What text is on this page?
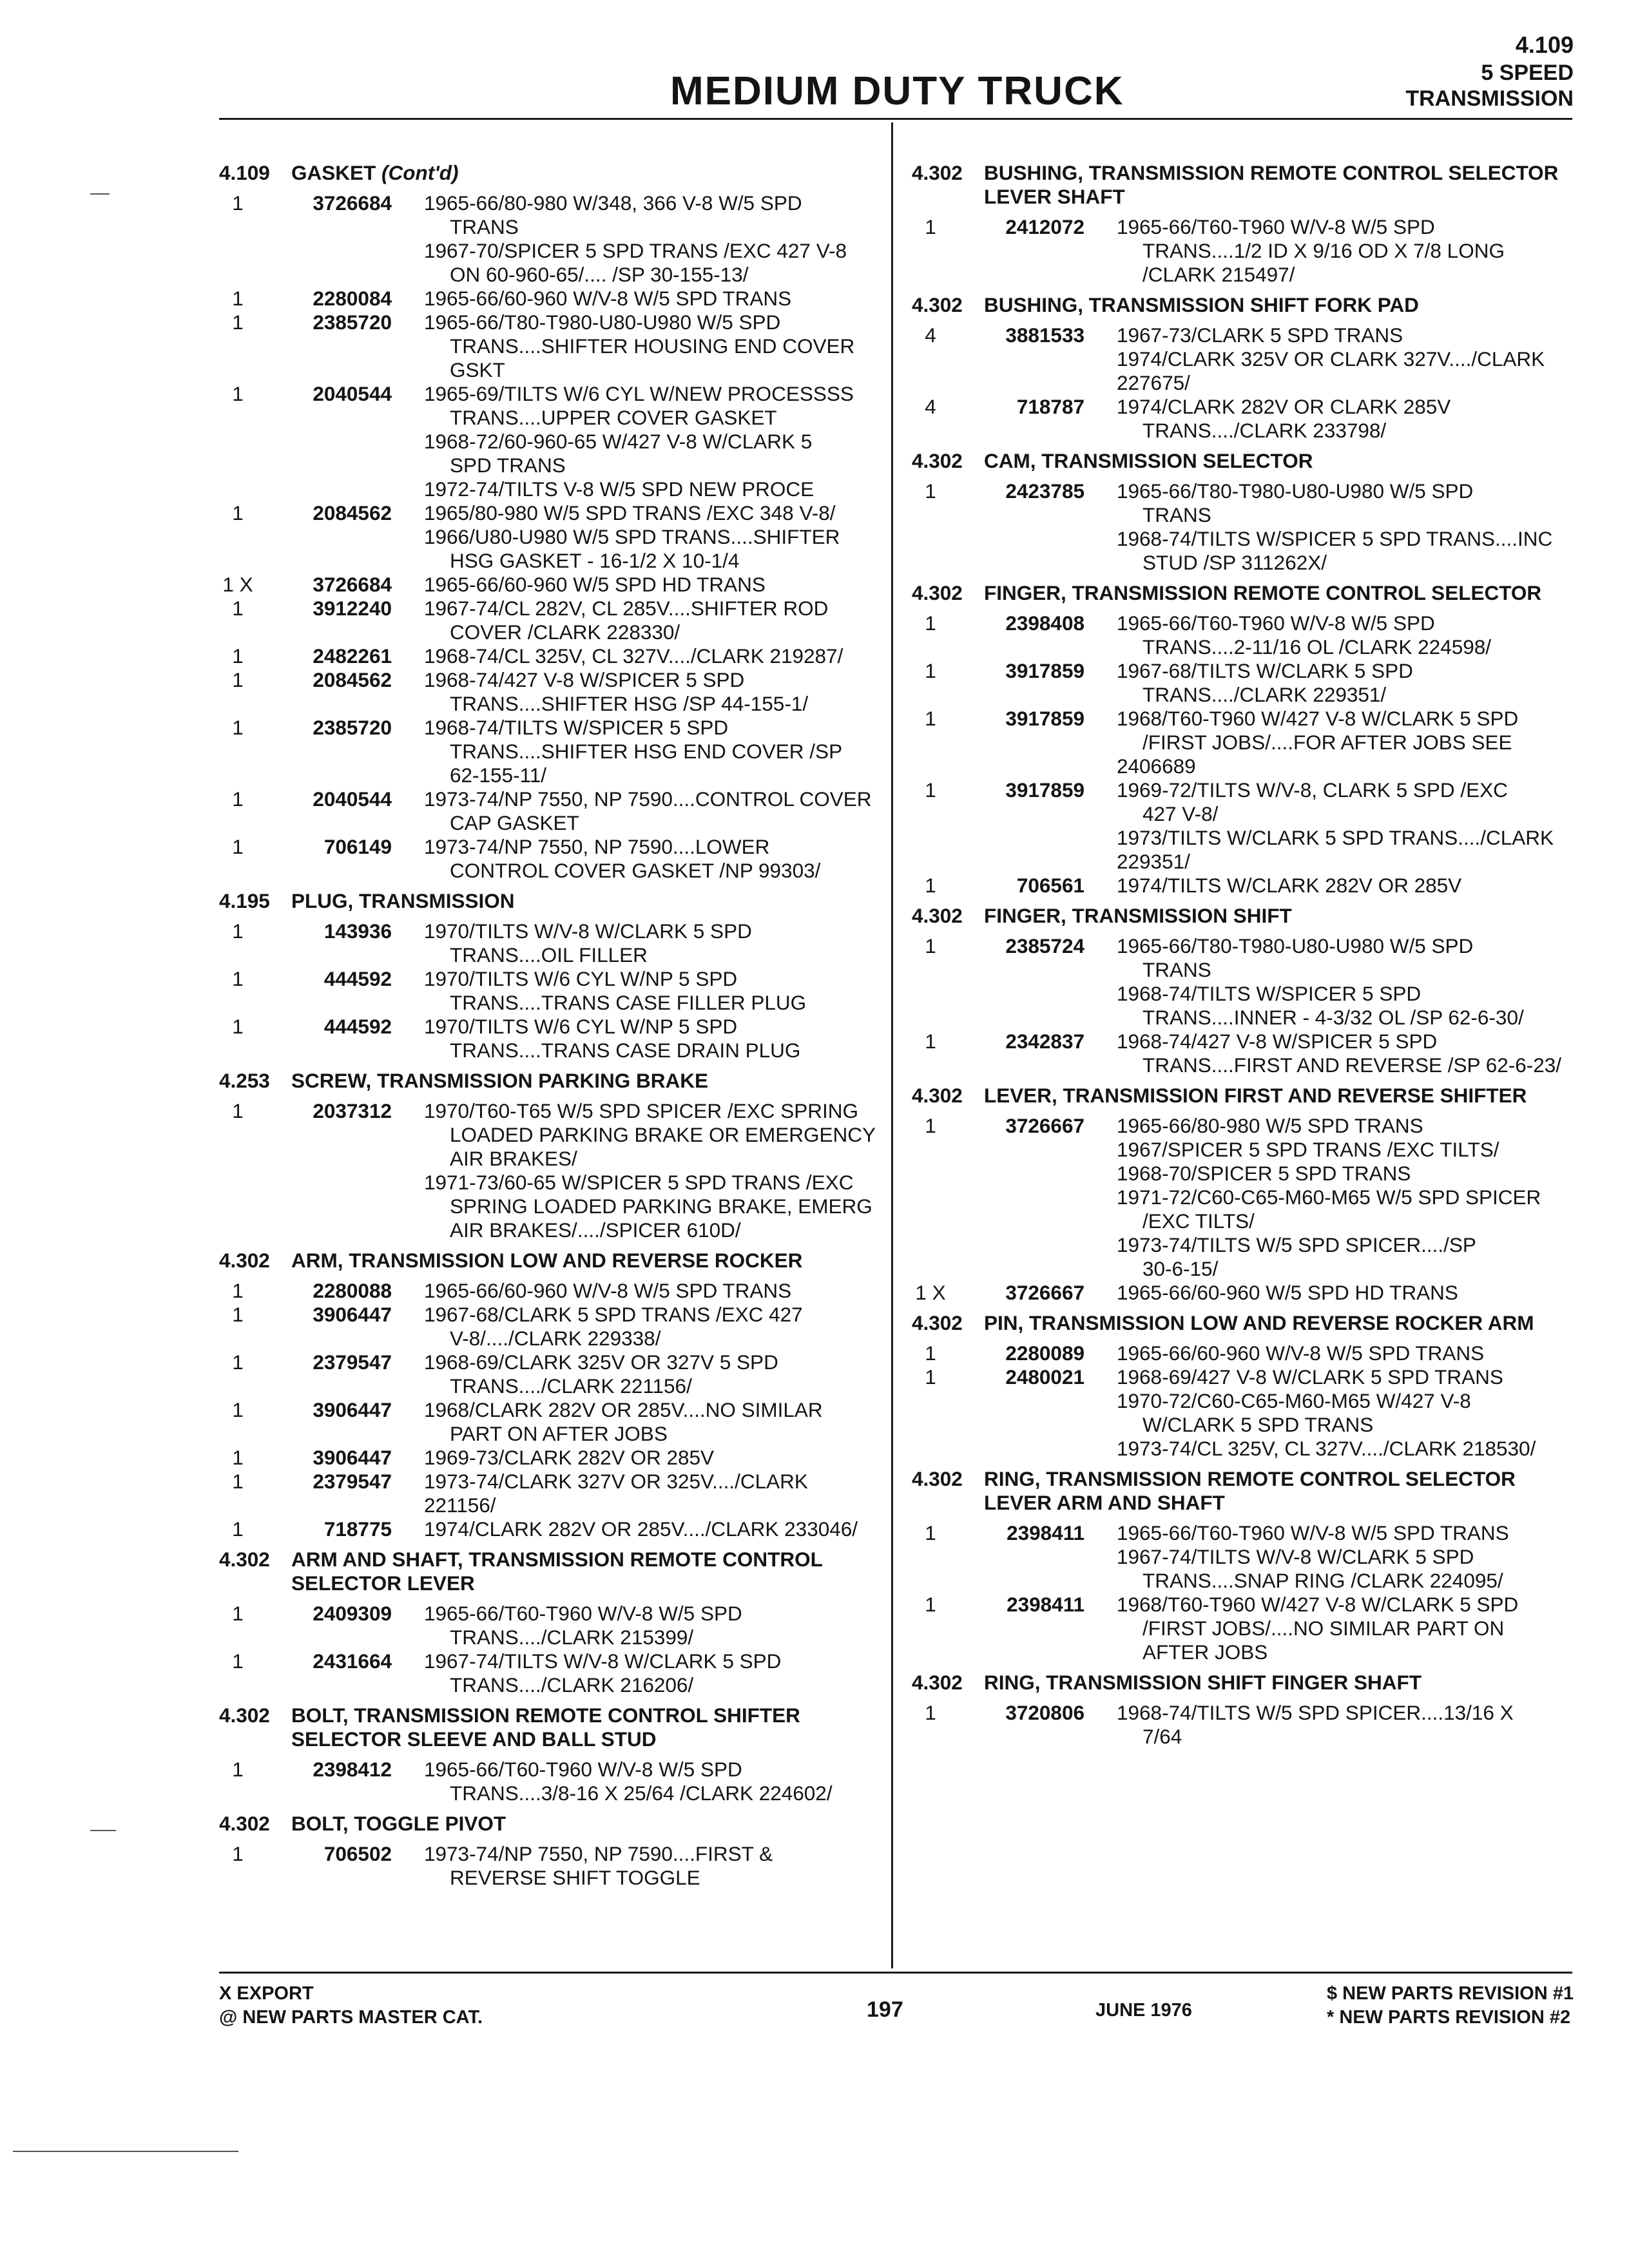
4.109
5 SPEED
TRANSMISSION
MEDIUM DUTY TRUCK
4.109	GASKET (Cont'd)
1	3726684 1965-66/80-980 W/348, 366 V-8 W/5 SPD
TRANS
1967-70/SPICER 5 SPD TRANS /EXC 427 V-8
ON 60-960-65/.... /SP 30-155-13/
1	2280084 1965-66/60-960 W/V-8 W/5 SPD TRANS
1	2385720 1965-66/T80-T980-U80-U980 W/5 SPD
TRANS....SHIFTER HOUSING END COVER
GSKT
1	2040544 1965-69/TILTS W/6 CYL W/NEW PROCESSSS
TRANS....UPPER COVER GASKET
1968-72/60-960-65 W/427 V-8 W/CLARK 5
SPD TRANS
1972-74/TILTS V-8 W/5 SPD NEW PROCE
1	2084562 1965/80-980 W/5 SPD TRANS /EXC 348 V-8/
1966/U80-U980 W/5 SPD TRANS....SHIFTER
HSG GASKET - 16-1/2 X 10-1/4
1 X	3726684 1965-66/60-960 W/5 SPD HD TRANS
1	3912240 1967-74/CL 282V, CL 285V....SHIFTER ROD
COVER /CLARK 228330/
1	2482261 1968-74/CL 325V, CL 327V..../CLARK 219287/
1	2084562 1968-74/427 V-8 W/SPICER 5 SPD
TRANS....SHIFTER HSG /SP 44-155-1/
1	2385720 1968-74/TILTS W/SPICER 5 SPD
TRANS....SHIFTER HSG END COVER /SP
62-155-11/
1	2040544 1973-74/NP 7550, NP 7590....CONTROL COVER
CAP GASKET
1	706149 1973-74/NP 7550, NP 7590....LOWER
CONTROL COVER GASKET /NP 99303/
4.195	PLUG, TRANSMISSION
1	143936 1970/TILTS W/V-8 W/CLARK 5 SPD
TRANS....OIL FILLER
1	444592 1970/TILTS W/6 CYL W/NP 5 SPD
TRANS....TRANS CASE FILLER PLUG
1	444592 1970/TILTS W/6 CYL W/NP 5 SPD
TRANS....TRANS CASE DRAIN PLUG
4.253	SCREW, TRANSMISSION PARKING BRAKE
1	2037312 1970/T60-T65 W/5 SPD SPICER /EXC SPRING
LOADED PARKING BRAKE OR EMERGENCY
AIR BRAKES/
1971-73/60-65 W/SPICER 5 SPD TRANS /EXC
SPRING LOADED PARKING BRAKE, EMERG
AIR BRAKES/..../SPICER 610D/
4.302	ARM, TRANSMISSION LOW AND REVERSE ROCKER
1	2280088 1965-66/60-960 W/V-8 W/5 SPD TRANS
1	3906447 1967-68/CLARK 5 SPD TRANS /EXC 427
V-8/..../CLARK 229338/
1	2379547 1968-69/CLARK 325V OR 327V 5 SPD
TRANS..../CLARK 221156/
1	3906447 1968/CLARK 282V OR 285V....NO SIMILAR
PART ON AFTER JOBS
1	3906447 1969-73/CLARK 282V OR 285V
1	2379547 1973-74/CLARK 327V OR 325V..../CLARK
221156/
1	718775 1974/CLARK 282V OR 285V..../CLARK 233046/
4.302	ARM AND SHAFT, TRANSMISSION REMOTE CONTROL SELECTOR LEVER
1	2409309 1965-66/T60-T960 W/V-8 W/5 SPD
TRANS..../CLARK 215399/
1	2431664 1967-74/TILTS W/V-8 W/CLARK 5 SPD
TRANS..../CLARK 216206/
4.302	BOLT, TRANSMISSION REMOTE CONTROL SHIFTER SELECTOR SLEEVE AND BALL STUD
1	2398412 1965-66/T60-T960 W/V-8 W/5 SPD
TRANS....3/8-16 X 25/64 /CLARK 224602/
4.302	BOLT, TOGGLE PIVOT
1	706502 1973-74/NP 7550, NP 7590....FIRST &
REVERSE SHIFT TOGGLE
4.302	BUSHING, TRANSMISSION REMOTE CONTROL SELECTOR LEVER SHAFT
1	2412072 1965-66/T60-T960 W/V-8 W/5 SPD
TRANS....1/2 ID X 9/16 OD X 7/8 LONG
/CLARK 215497/
4.302	BUSHING, TRANSMISSION SHIFT FORK PAD
4	3881533 1967-73/CLARK 5 SPD TRANS
1974/CLARK 325V OR CLARK 327V..../CLARK
227675/
4	718787 1974/CLARK 282V OR CLARK 285V
TRANS..../CLARK 233798/
4.302	CAM, TRANSMISSION SELECTOR
1	2423785 1965-66/T80-T980-U80-U980 W/5 SPD
TRANS
1968-74/TILTS W/SPICER 5 SPD TRANS....INC
STUD /SP 311262X/
4.302	FINGER, TRANSMISSION REMOTE CONTROL SELECTOR
1	2398408 1965-66/T60-T960 W/V-8 W/5 SPD
TRANS....2-11/16 OL /CLARK 224598/
1	3917859 1967-68/TILTS W/CLARK 5 SPD
TRANS..../CLARK 229351/
1	3917859 1968/T60-T960 W/427 V-8 W/CLARK 5 SPD
/FIRST JOBS/....FOR AFTER JOBS SEE
2406689
1	3917859 1969-72/TILTS W/V-8, CLARK 5 SPD /EXC
427 V-8/
1973/TILTS W/CLARK 5 SPD TRANS..../CLARK
229351/
1	706561 1974/TILTS W/CLARK 282V OR 285V
4.302	FINGER, TRANSMISSION SHIFT
1	2385724 1965-66/T80-T980-U80-U980 W/5 SPD
TRANS
1968-74/TILTS W/SPICER 5 SPD
TRANS....INNER - 4-3/32 OL /SP 62-6-30/
1	2342837 1968-74/427 V-8 W/SPICER 5 SPD
TRANS....FIRST AND REVERSE /SP 62-6-23/
4.302	LEVER, TRANSMISSION FIRST AND REVERSE SHIFTER
1	3726667 1965-66/80-980 W/5 SPD TRANS
1967/SPICER 5 SPD TRANS /EXC TILTS/
1968-70/SPICER 5 SPD TRANS
1971-72/C60-C65-M60-M65 W/5 SPD SPICER
/EXC TILTS/
1973-74/TILTS W/5 SPD SPICER..../SP
30-6-15/
1 X	3726667 1965-66/60-960 W/5 SPD HD TRANS
4.302	PIN, TRANSMISSION LOW AND REVERSE ROCKER ARM
1	2280089 1965-66/60-960 W/V-8 W/5 SPD TRANS
1	2480021 1968-69/427 V-8 W/CLARK 5 SPD TRANS
1970-72/C60-C65-M60-M65 W/427 V-8
W/CLARK 5 SPD TRANS
1973-74/CL 325V, CL 327V..../CLARK 218530/
4.302	RING, TRANSMISSION REMOTE CONTROL SELECTOR LEVER ARM AND SHAFT
1	2398411 1965-66/T60-T960 W/V-8 W/5 SPD TRANS
1967-74/TILTS W/V-8 W/CLARK 5 SPD
TRANS....SNAP RING /CLARK 224095/
1	2398411 1968/T60-T960 W/427 V-8 W/CLARK 5 SPD
/FIRST JOBS/....NO SIMILAR PART ON
AFTER JOBS
4.302	RING, TRANSMISSION SHIFT FINGER SHAFT
1	3720806 1968-74/TILTS W/5 SPD SPICER....13/16 X
7/64
X EXPORT
@ NEW PARTS MASTER CAT.	197	JUNE 1976
$ NEW PARTS REVISION #1
* NEW PARTS REVISION #2
